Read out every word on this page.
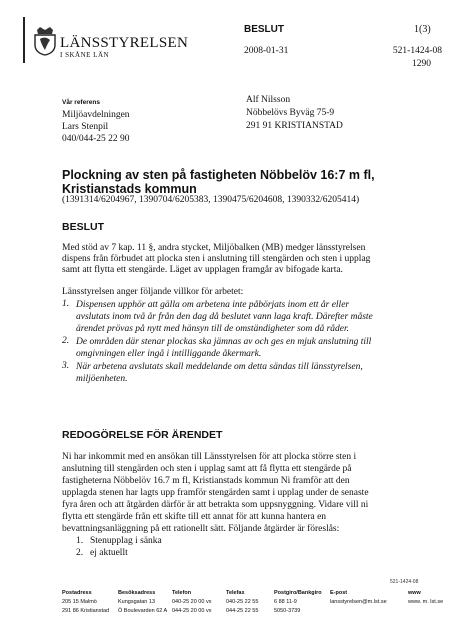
LÄNSSTYRELSEN
I SKÅNE LÄN
BESLUT	1(3)
2008-01-31	521-1424-08
1290
Vår referens
Miljöavdelningen
Lars Stenpil
040/044-25 22 90
Alf Nilsson
Nöbbelövs Byväg 75-9
291 91 KRISTIANSTAD
Plockning av sten på fastigheten Nöbbelöv 16:7 m fl, Kristianstads kommun
(1391314/6204967, 1390704/6205383, 1390475/6204608, 1390332/6205414)
BESLUT
Med stöd av 7 kap. 11 §, andra stycket, Miljöbalken (MB) medger länsstyrelsen
dispens från förbudet att plocka sten i anslutning till stengärden och sten i upplag
samt att flytta ett stengärde. Läget av upplagen framgår av bifogade karta.
Länsstyrelsen anger följande villkor för arbetet:
1. Dispensen upphör att gälla om arbetena inte påbörjats inom ett år eller
avslutats inom två år från den dag då beslutet vann laga kraft. Därefter måste
ärendet prövas på nytt med hänsyn till de omständigheter som då råder.
2. De områden där stenar plockas ska jämnas av och ges en mjuk anslutning till
omgivningen eller ingå i intilliggande åkermark.
3. När arbetena avslutats skall meddelande om detta sändas till länsstyrelsen,
miljöenheten.
REDOGÖRELSE FÖR ÄRENDET
Ni har inkommit med en ansökan till Länsstyrelsen för att plocka större sten i
anslutning till stengärden och sten i upplag samt att få flytta ett stengärde på
fastigheterna Nöbbelöv 16.7 m fl, Kristianstads kommun Ni framför att den
upplagda stenen har lagts upp framför stengärden samt i upplag under de senaste
fyra åren och att åtgärden därför är att betrakta som uppsnyggning. Vidare vill ni
flytta ett stengärde från ett skifte till ett annat för att kunna hantera en
bevattningsanläggning på ett rationellt sätt. Följande åtgärder är föreslås:
1. Stenupplag i sänka
2. ej aktuellt
521-1424-08
Postadress
205 15 Malmö
291 86 Kristianstad
Besöksadress
Kungsgatan 13
Ö Boulevarden 62 A
Telefon
040-25 20 00 vx
044-25 20 00 vx
Telefax
040-25 22 55
044-25 22 55
Postgiro/Bankgiro
6 88 11-9
5050-3739
E-post
lansstyrelsen@m.lst.se
www
www. m. lst.se
